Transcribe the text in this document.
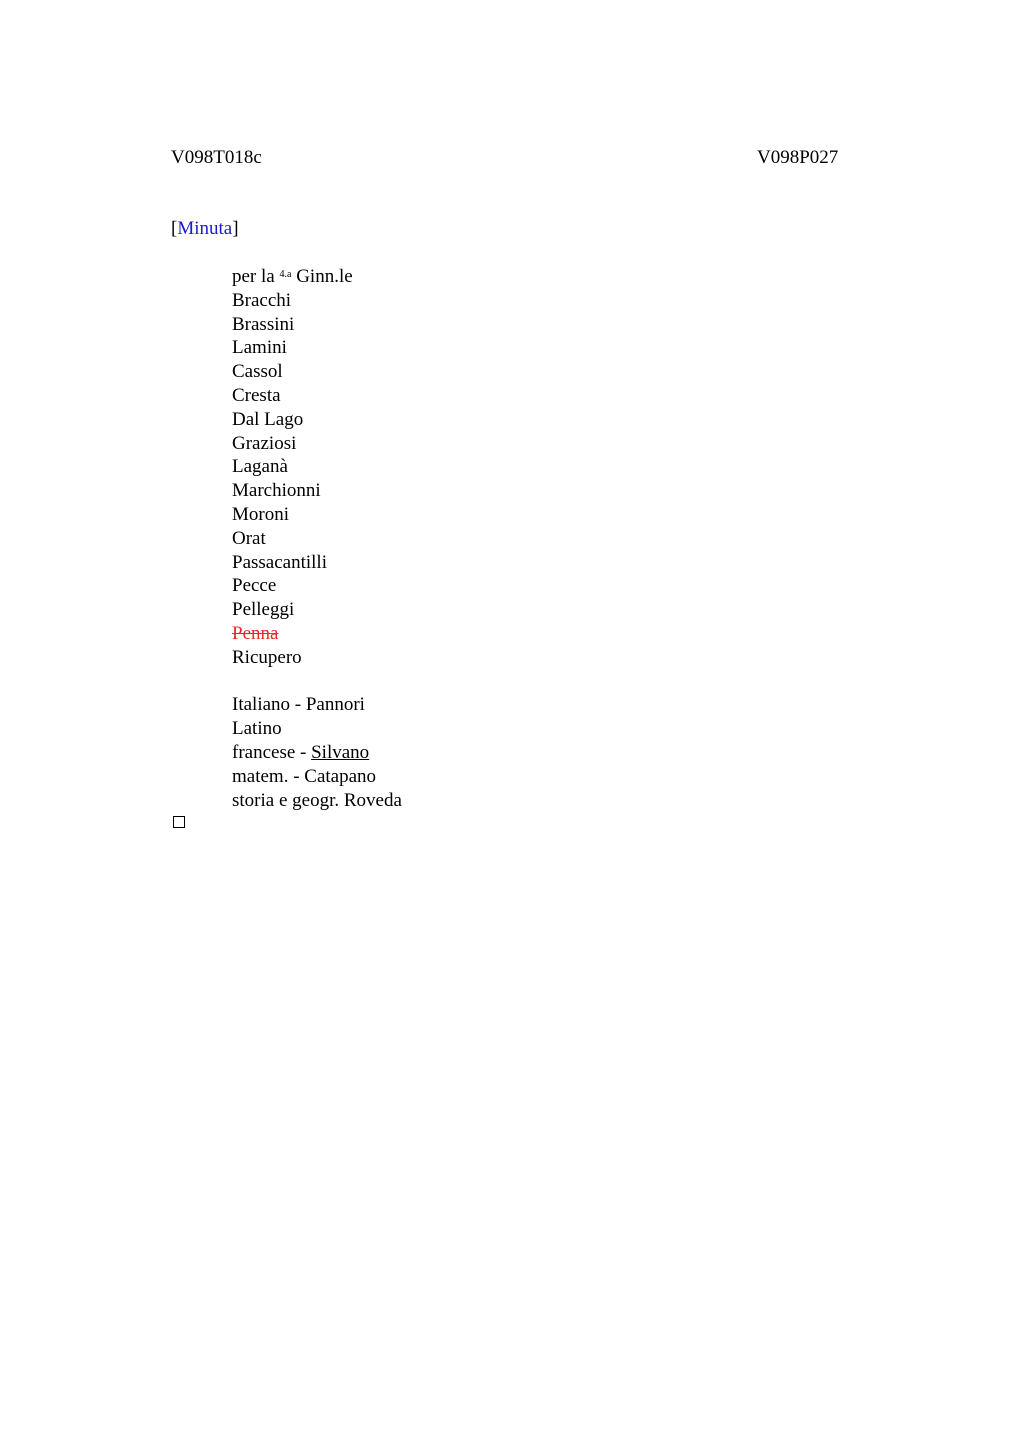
V098T018c	V098P027
[Minuta]
per la $^{4.a}$ Ginn.le
Bracchi
Brassini
Lamini
Cassol
Cresta
Dal Lago
Graziosi
Laganà
Marchionni
Moroni
Orat
Passacantilli
Pecce
Pelleggi
Penna
Ricupero
Italiano - Pannori
Latino
francese - Silvano
matem. - Catapano
storia e geogr. Roveda
